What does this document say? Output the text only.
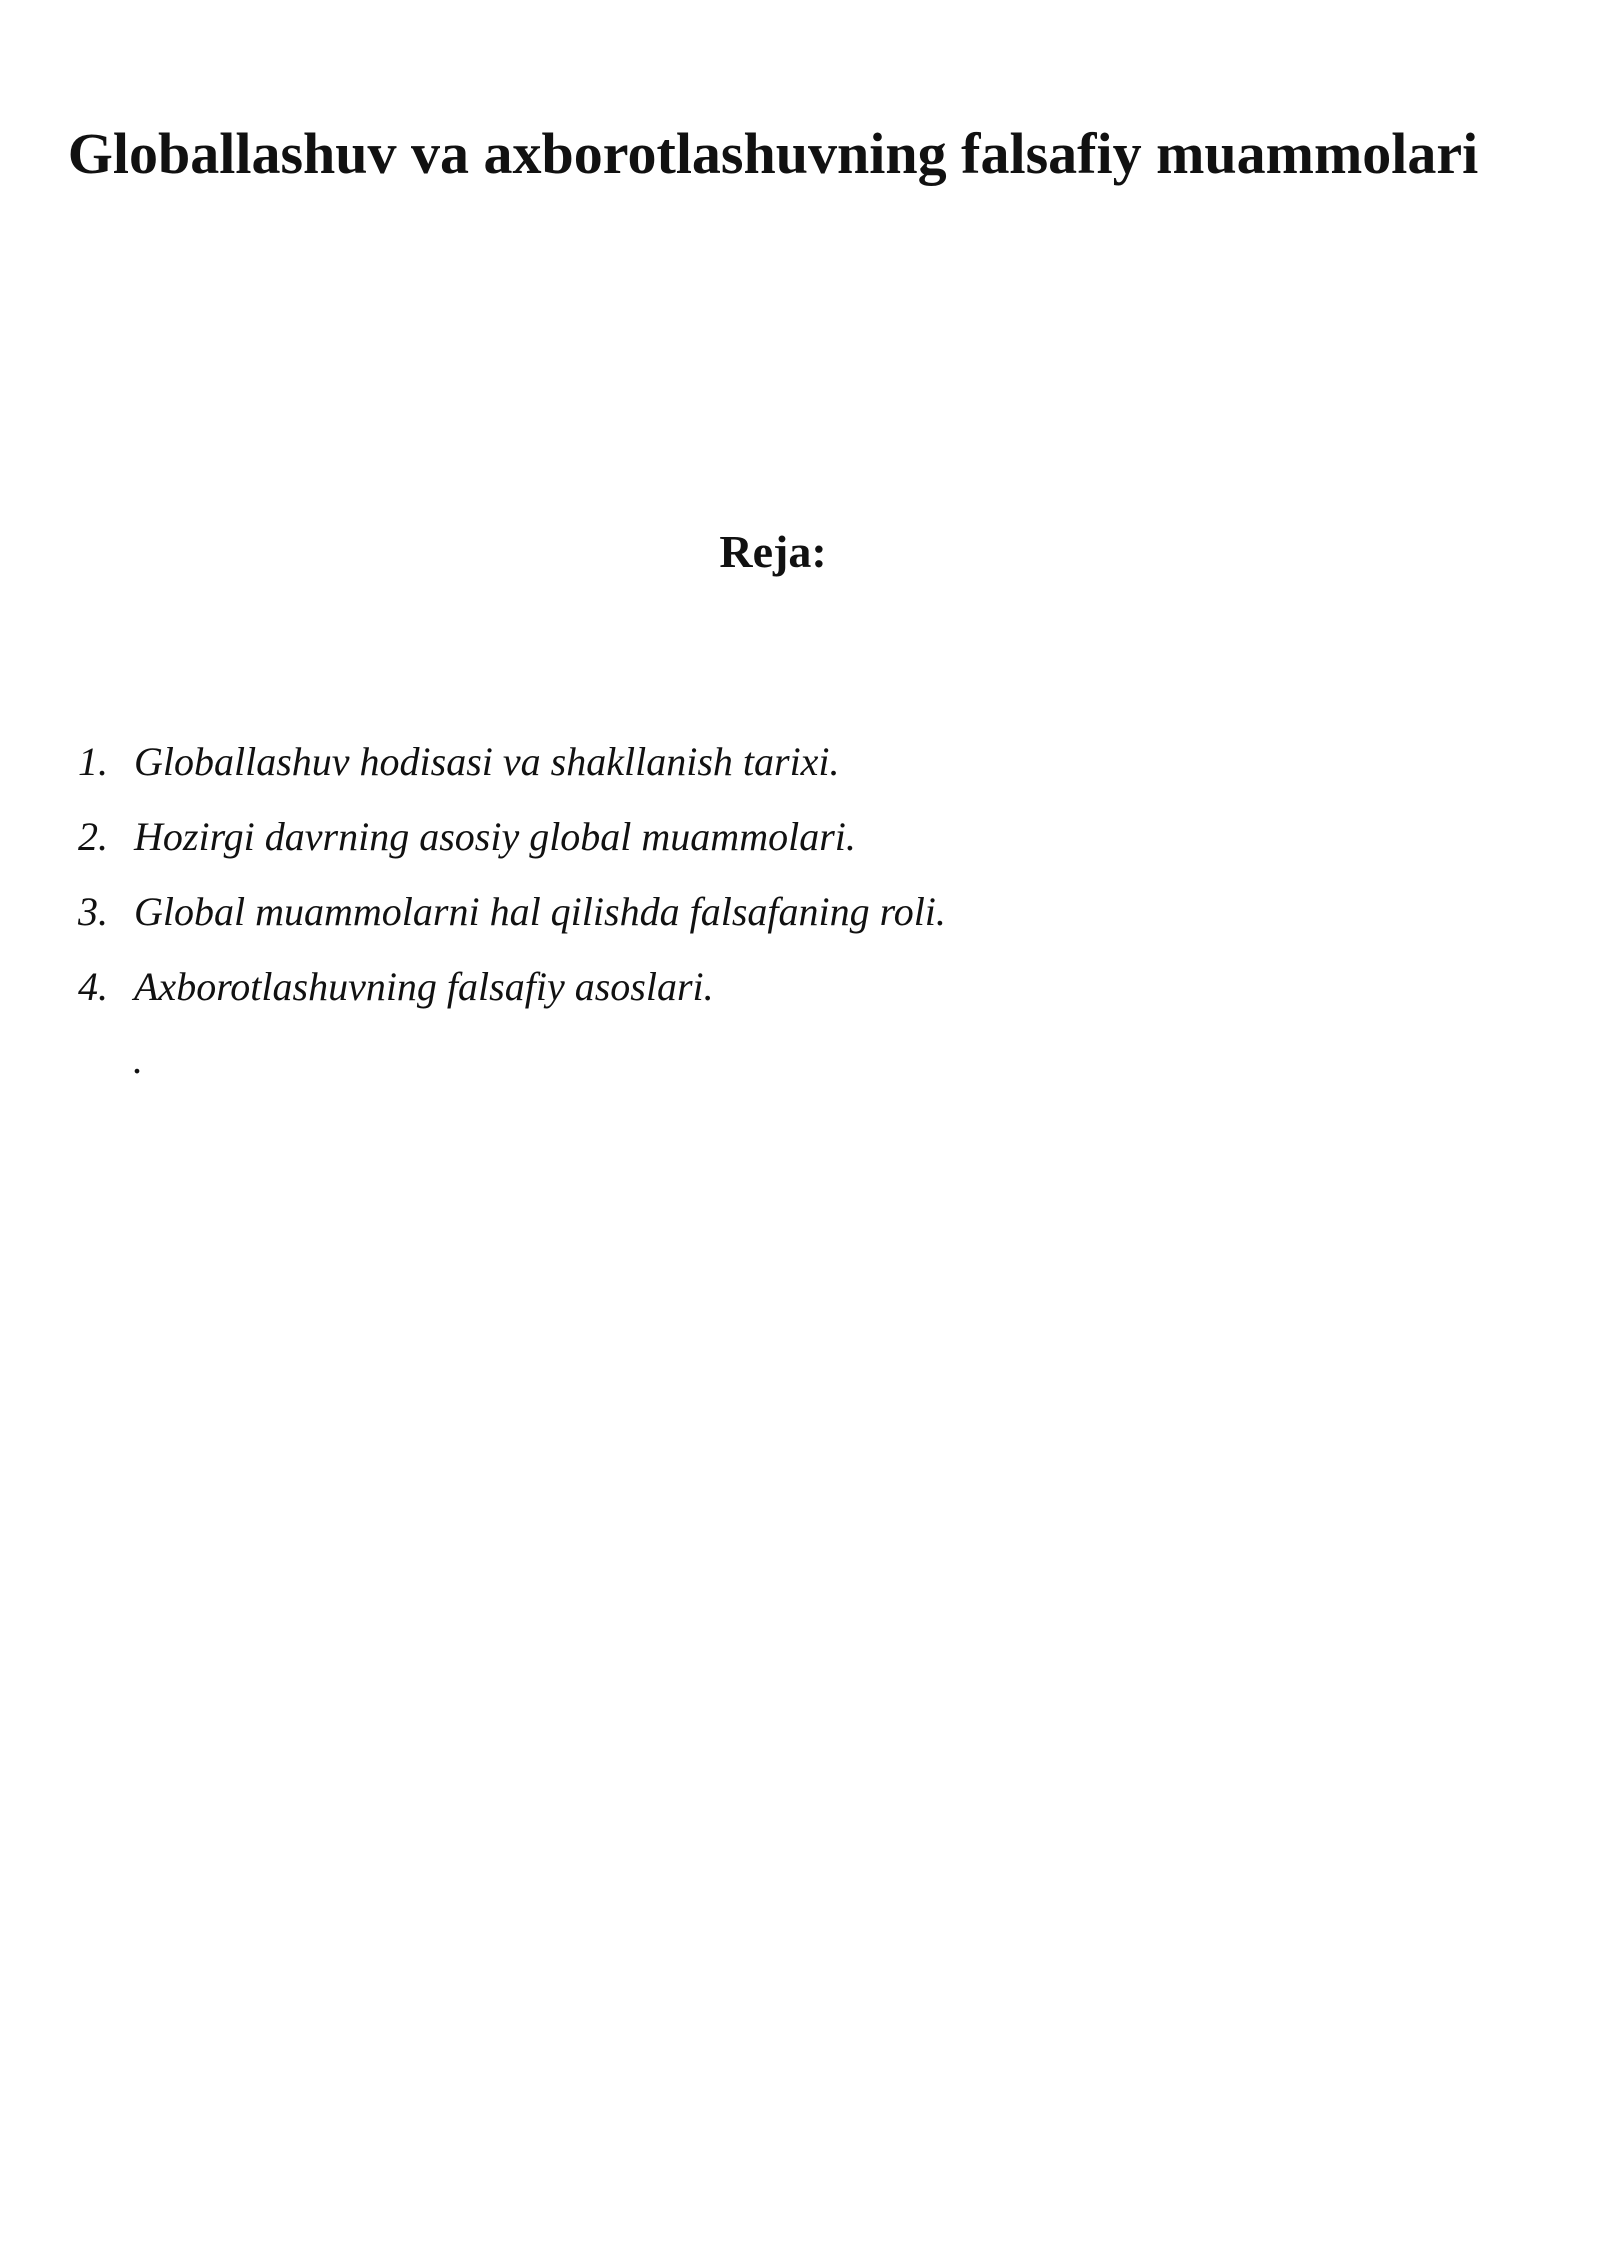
Globallashuv va axborotlashuvning falsafiy muammolari
Reja:
1. Globallashuv hodisasi va shakllanish tarixi.
2. Hozirgi davrning asosiy global muammolari.
3. Global muammolarni hal qilishda falsafaning roli.
4. Axborotlashuvning falsafiy asoslari.
.
